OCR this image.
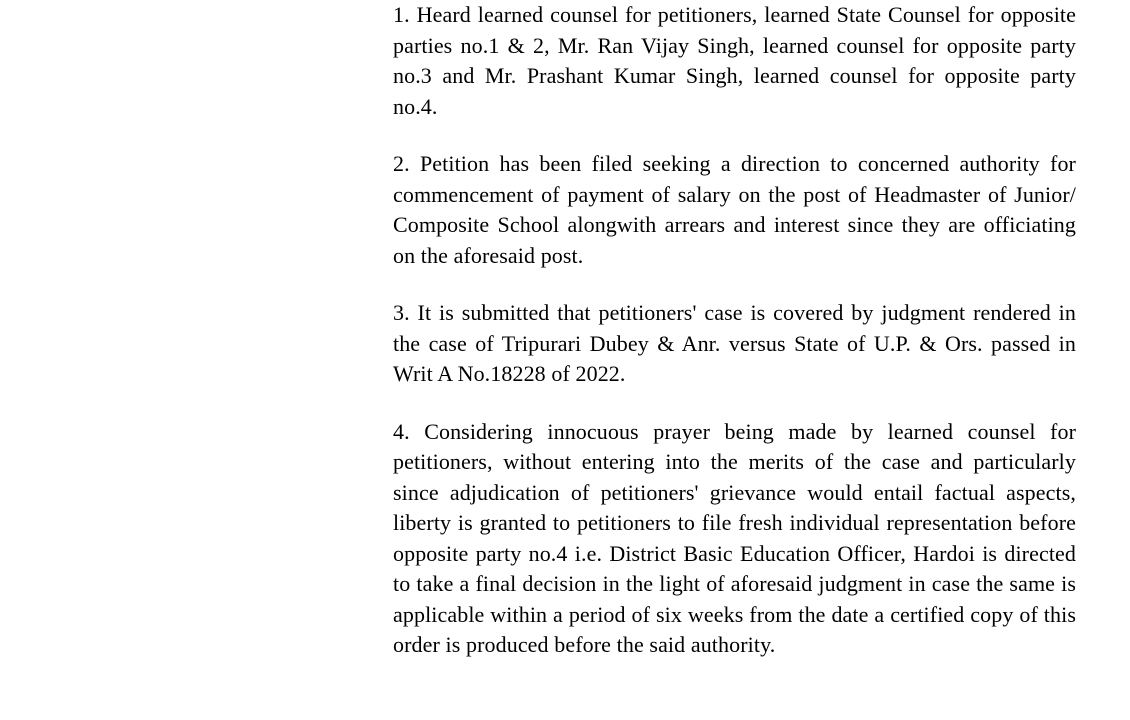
1. Heard learned counsel for petitioners, learned State Counsel for opposite parties no.1 & 2, Mr. Ran Vijay Singh, learned counsel for opposite party no.3 and Mr. Prashant Kumar Singh, learned counsel for opposite party no.4.

2. Petition has been filed seeking a direction to concerned authority for commencement of payment of salary on the post of Headmaster of Junior/ Composite School alongwith arrears and interest since they are officiating on the aforesaid post.

3. It is submitted that petitioners' case is covered by judgment rendered in the case of Tripurari Dubey & Anr. versus State of U.P. & Ors. passed in Writ A No.18228 of 2022.

4. Considering innocuous prayer being made by learned counsel for petitioners, without entering into the merits of the case and particularly since adjudication of petitioners' grievance would entail factual aspects, liberty is granted to petitioners to file fresh individual representation before opposite party no.4 i.e. District Basic Education Officer, Hardoi is directed to take a final decision in the light of aforesaid judgment in case the same is applicable within a period of six weeks from the date a certified copy of this order is produced before the said authority.
